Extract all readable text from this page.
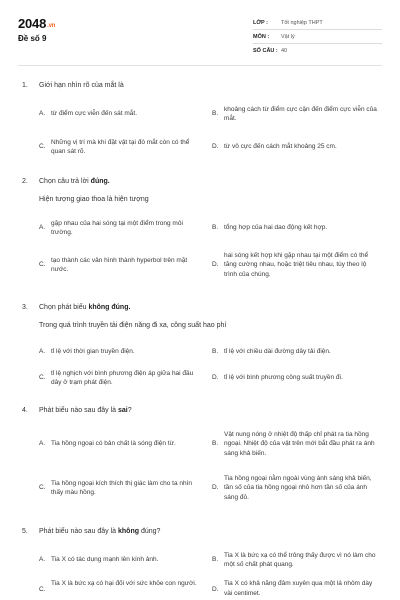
2048.vn
Đề số 9
LỚP :	Tốt nghiệp THPT
MÔN :	Vật lý
SỐ CÂU : 40
1.	Giới hạn nhìn rõ của mắt là
A. từ điểm cực viễn đến sát mắt.	B.
khoảng cách từ điểm cực cận đến điểm cực viễn của mắt.
C.
Những vị trí mà khi đặt vật tại đó mắt còn có thể quan sát rõ.
D. từ vô cực đến cách mắt khoảng 25 cm.
2.	Chọn câu trả lời đúng.
Hiện tượng giao thoa là hiện tượng
A.
gặp nhau của hai sóng tại một điểm trong môi trường.
B. tổng hợp của hai dao động kết hợp.
C.
tạo thành các vân hình thành hyperbol trên mặt nước.
D.
hai sóng kết hợp khi gặp nhau tại một điểm có thể tăng cường nhau, hoặc triệt tiêu nhau, tùy theo lộ trình của chúng.
3.	Chọn phát biểu không đúng.
Trong quá trình truyền tải điện năng đi xa, công suất hao phí
A. tỉ lệ với thời gian truyền điện.	B. tỉ lệ với chiều dài đường dây tải điện.
C.
tỉ lệ nghịch với bình phương điện áp giữa hai đầu dây ở trạm phát điện.
D. tỉ lệ với bình phương công suất truyền đi.
4.	Phát biểu nào sau đây là sai?
A. Tia hồng ngoại có bản chất là sóng điện từ.	B.
Vật nung nóng ở nhiệt độ thấp chỉ phát ra tia hồng ngoại. Nhiệt độ của vật trên mới bắt đầu phát ra ánh sáng khả biến.
C.
Tia hồng ngoại kích thích thị giác làm cho ta nhìn thấy màu hồng.
D.
Tia hồng ngoại nằm ngoài vùng ánh sáng khả biến, tần số của tia hồng ngoại nhỏ hơn tần số của ánh sáng đỏ.
5.	Phát biểu nào sau đây là không đúng?
A. Tia X có tác dụng mạnh lên kính ảnh.	B.
Tia X là bức xạ có thể trông thấy được vì nó làm cho một số chất phát quang.
C.
Tia X là bức xạ có hại đối với sức khỏe con người.
D.
Tia X có khả năng đâm xuyên qua một lá nhôm dày vài centimet.
